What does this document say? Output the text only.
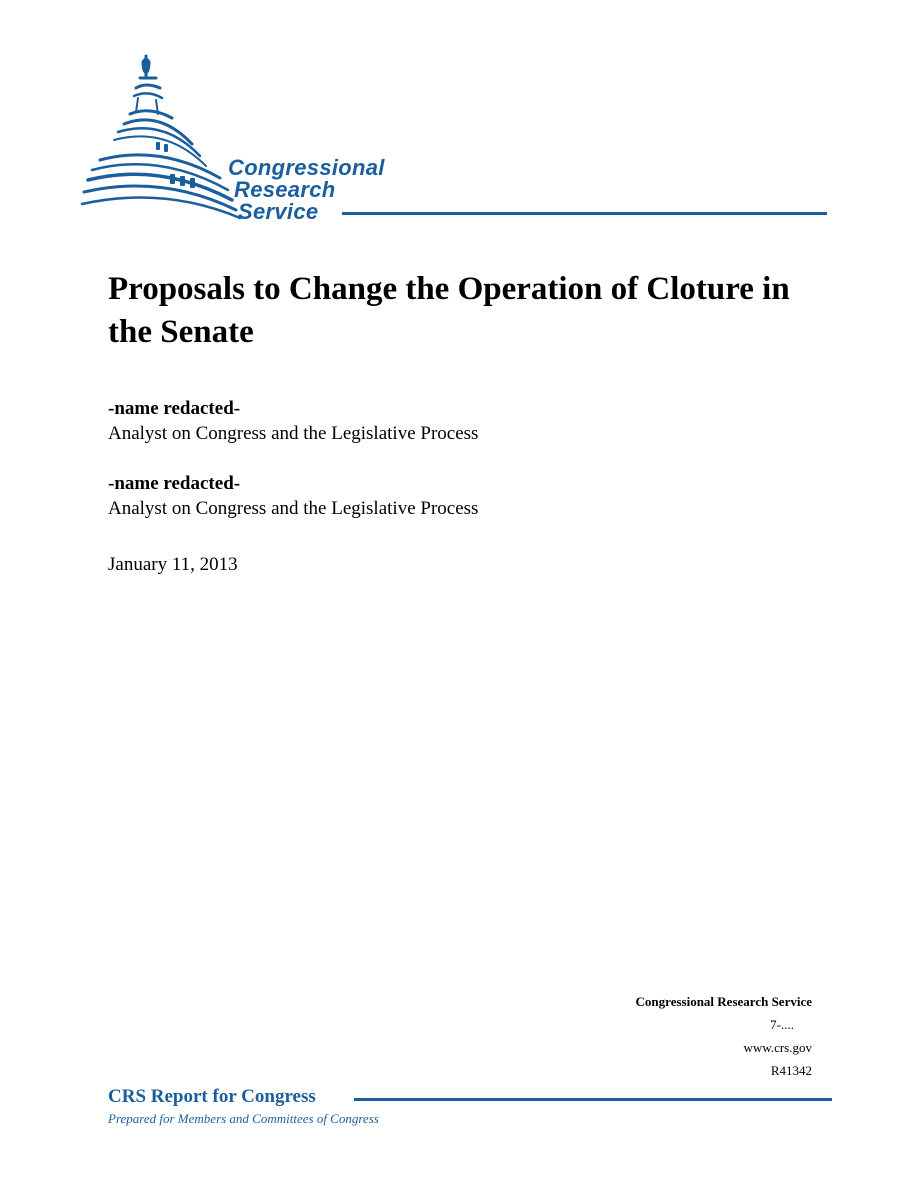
Congressional
Research
Service
Proposals to Change the Operation of Cloture in the Senate
-name redacted-
Analyst on Congress and the Legislative Process
-name redacted-
Analyst on Congress and the Legislative Process
January 11, 2013
Congressional Research Service
7-....
www.crs.gov
R41342
CRS Report for Congress
Prepared for Members and Committees of Congress
